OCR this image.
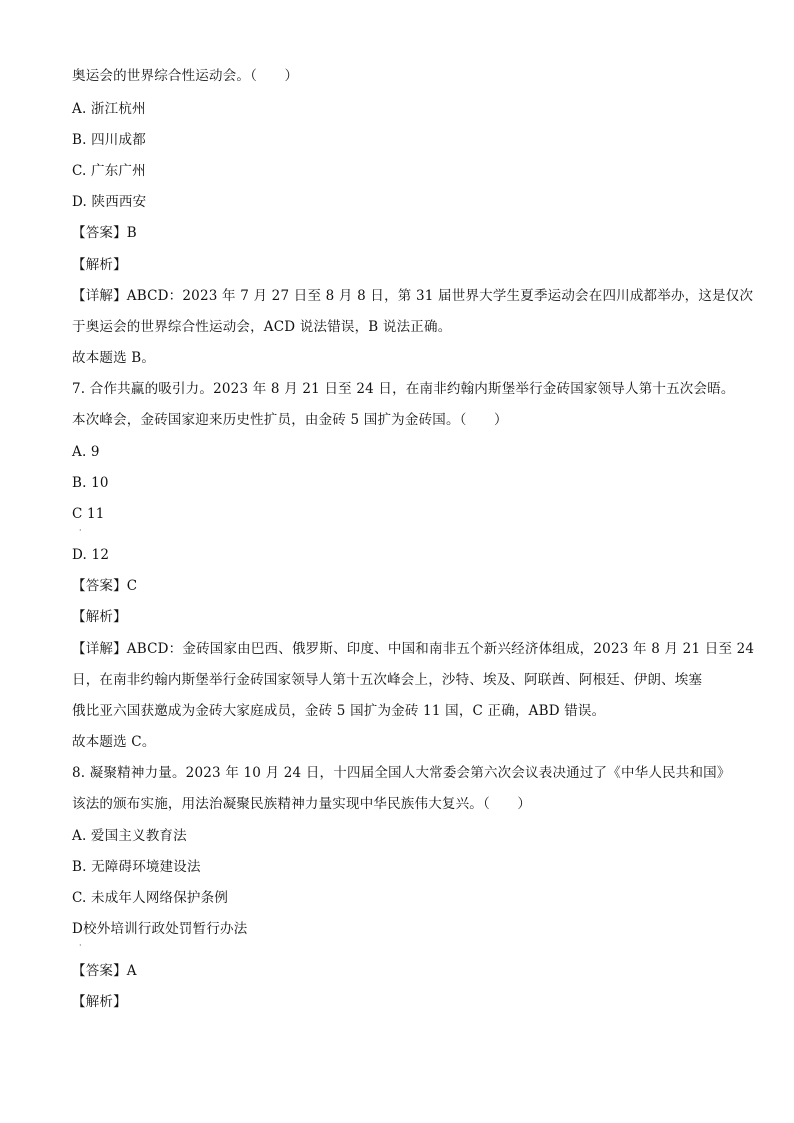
奥运会的世界综合性运动会。（　　）
A. 浙江杭州
B. 四川成都
C. 广东广州
D. 陕西西安
【答案】B
【解析】
【详解】ABCD：2023 年 7 月 27 日至 8 月 8 日，第 31 届世界大学生夏季运动会在四川成都举办，这是仅次
于奥运会的世界综合性运动会，ACD 说法错误，B 说法正确。
故本题选 B。
7. 合作共赢的吸引力。2023 年 8 月 21 日至 24 日，在南非约翰内斯堡举行金砖国家领导人第十五次会晤。
本次峰会，金砖国家迎来历史性扩员，由金砖 5 国扩为金砖国。（　　）
A. 9
B. 10
C 11
·
D. 12
【答案】C
【解析】
【详解】ABCD：金砖国家由巴西、俄罗斯、印度、中国和南非五个新兴经济体组成，2023 年 8 月 21 日至 24
日，在南非约翰内斯堡举行金砖国家领导人第十五次峰会上，沙特、埃及、阿联酋、阿根廷、伊朗、埃塞
俄比亚六国获邀成为金砖大家庭成员，金砖 5 国扩为金砖 11 国，C 正确，ABD 错误。
故本题选 C。
8. 凝聚精神力量。2023 年 10 月 24 日，十四届全国人大常委会第六次会议表决通过了《中华人民共和国》
该法的颁布实施，用法治凝聚民族精神力量实现中华民族伟大复兴。（　　）
A. 爱国主义教育法
B. 无障碍环境建设法
C. 未成年人网络保护条例
D校外培训行政处罚暂行办法
·
【答案】A
【解析】
